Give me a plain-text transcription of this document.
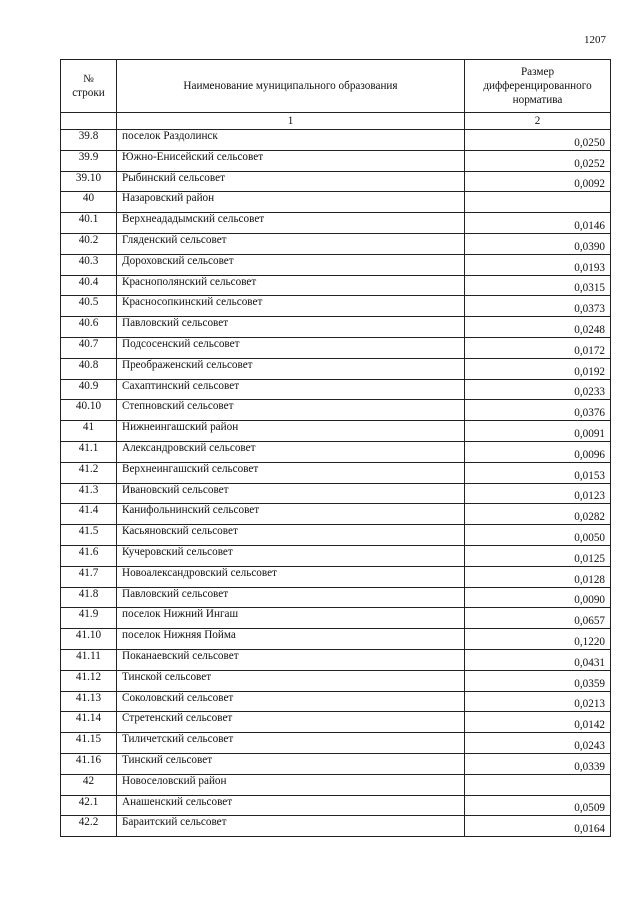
1207
№
строки	Наименование муниципального образования	Размер
дифференцированного
норматива
	1	2
39.8	поселок Раздолинск	0,0250
39.9	Южно-Енисейский сельсовет	0,0252
39.10	Рыбинский сельсовет	0,0092
40	Назаровский район	
40.1	Верхнеададымский сельсовет	0,0146
40.2	Гляденский сельсовет	0,0390
40.3	Дороховский сельсовет	0,0193
40.4	Краснополянский сельсовет	0,0315
40.5	Красносопкинский сельсовет	0,0373
40.6	Павловский сельсовет	0,0248
40.7	Подсосенский сельсовет	0,0172
40.8	Преображенский сельсовет	0,0192
40.9	Сахаптинский сельсовет	0,0233
40.10	Степновский сельсовет	0,0376
41	Нижнеингашский район	0,0091
41.1	Александровский сельсовет	0,0096
41.2	Верхнеингашский сельсовет	0,0153
41.3	Ивановский сельсовет	0,0123
41.4	Канифольнинский сельсовет	0,0282
41.5	Касьяновский сельсовет	0,0050
41.6	Кучеровский сельсовет	0,0125
41.7	Новоалександровский сельсовет	0,0128
41.8	Павловский сельсовет	0,0090
41.9	поселок Нижний Ингаш	0,0657
41.10	поселок Нижняя Пойма	0,1220
41.11	Поканаевский сельсовет	0,0431
41.12	Тинской сельсовет	0,0359
41.13	Соколовский сельсовет	0,0213
41.14	Стретенский сельсовет	0,0142
41.15	Тиличетский сельсовет	0,0243
41.16	Тинский сельсовет	0,0339
42	Новоселовский район	
42.1	Анашенский сельсовет	0,0509
42.2	Бараитский сельсовет	0,0164
